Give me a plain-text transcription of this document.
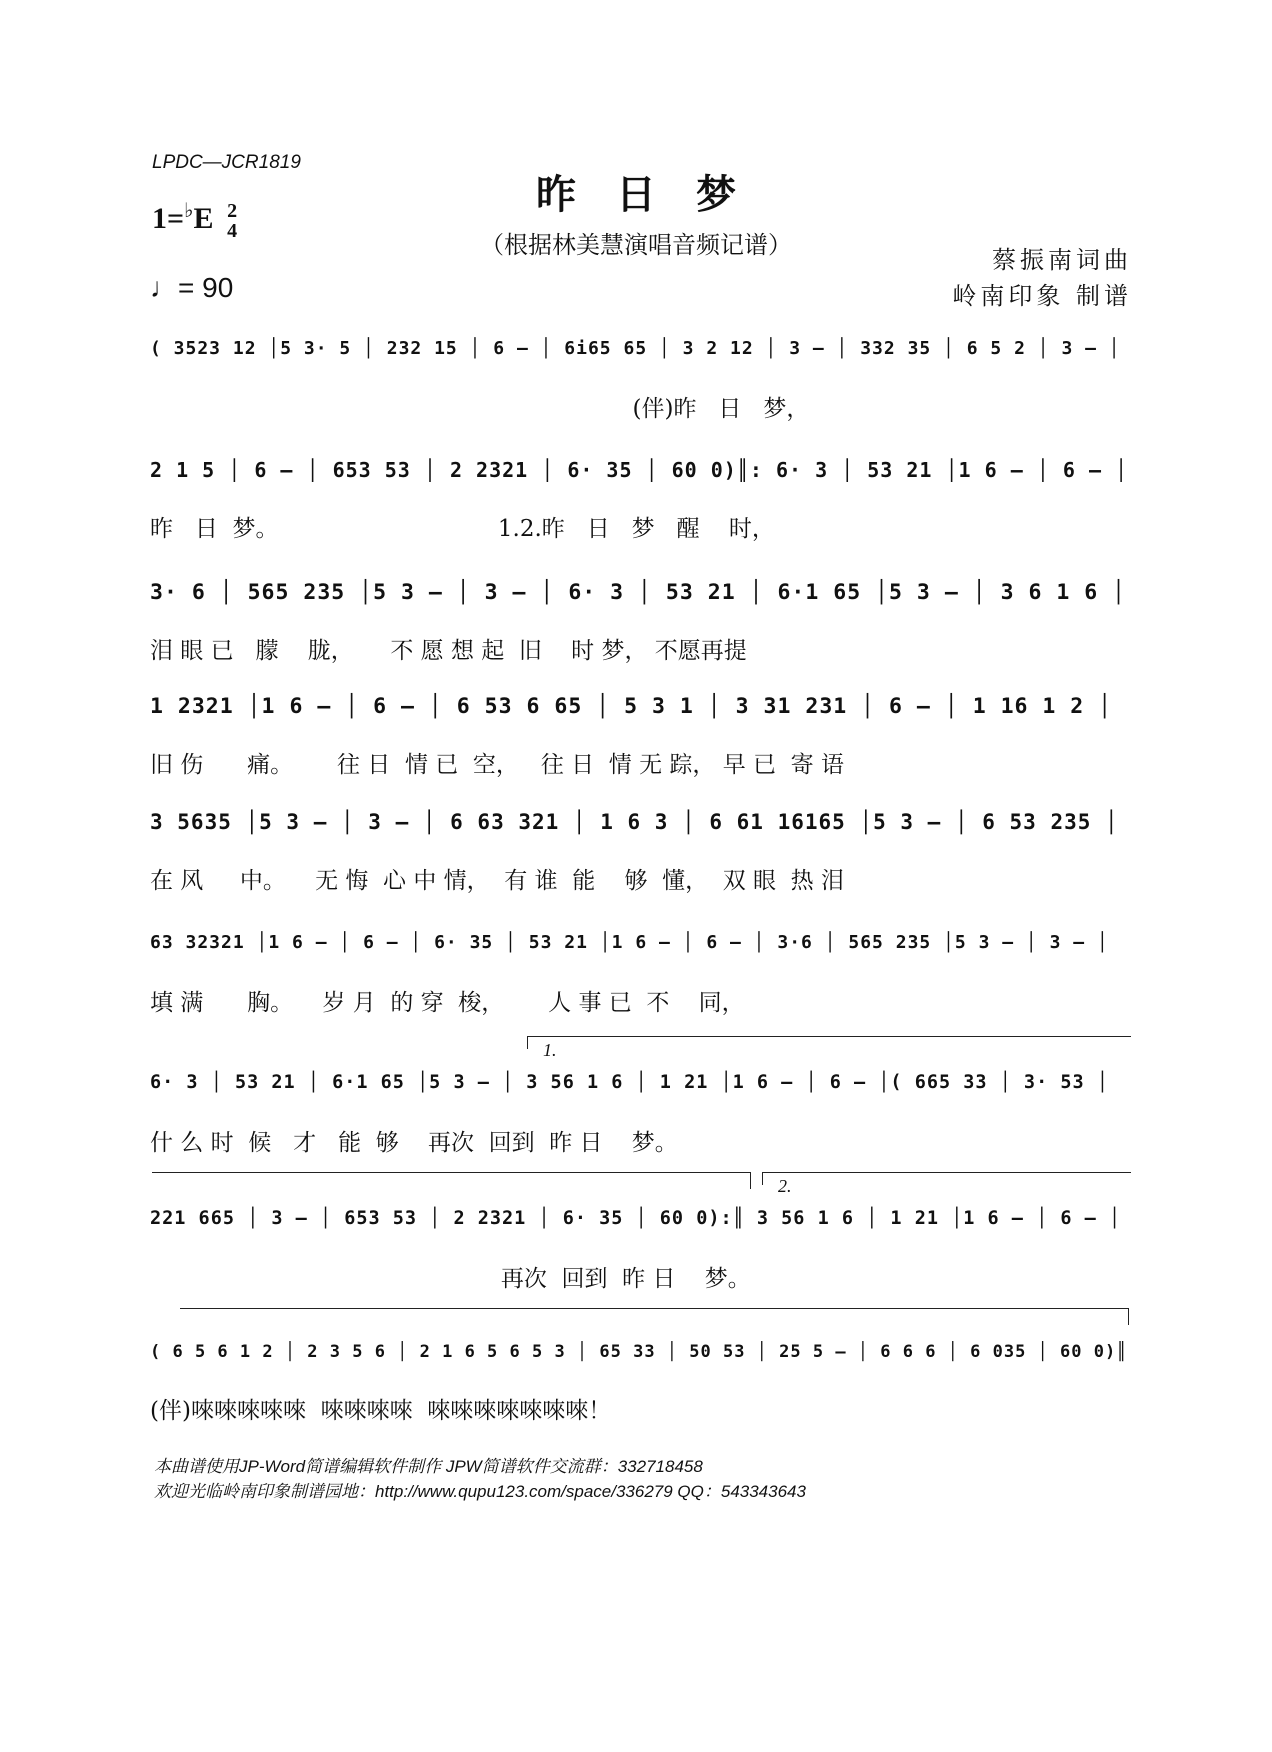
LPDC—JCR1819
昨日梦
（根据林美慧演唱音频记谱）
1=♭E 2
4
♩= 90
蔡振南词曲
岭南印象 制谱
( 3523 12 │5 3· 5 │ 232 15 │ 6 – │ 6i65 65 │ 3 2 12 │ 3 – │ 332 35 │ 6 5 2 │ 3 – │
(伴)昨   日   梦，
2 1 5 │ 6 – │ 653 53 │ 2 2321 │ 6· 35 │ 60 0)║: 6· 3 │ 53 21 │1 6 – │ 6 – │
昨   日  梦。                              1.2.昨   日   梦   醒    时，
3· 6 │ 565 235 │5 3 – │ 3 – │ 6· 3 │ 53 21 │ 6·1 65 │5 3 – │ 3 6 1 6 │
泪 眼 已   朦    胧，     不 愿 想 起  旧    时 梦， 不愿再提
1 2321 │1 6 – │ 6 – │ 6 53 6 65 │ 5 3 1 │ 3 31 231 │ 6 – │ 1 16 1 2 │
旧 伤      痛。      往 日  情 已  空，   往 日  情 无 踪， 早 已  寄 语
3 5635 │5 3 – │ 3 – │ 6 63 321 │ 1 6 3 │ 6 61 16165 │5 3 – │ 6 53 235 │
在 风     中。    无 悔  心 中 情，  有 谁  能    够  懂，  双 眼  热 泪
63 32321 │1 6 – │ 6 – │ 6· 35 │ 53 21 │1 6 – │ 6 – │ 3·6 │ 565 235 │5 3 – │ 3 – │
填 满      胸。    岁 月  的 穿  梭，      人 事 已  不    同，
1.
6· 3 │ 53 21 │ 6·1 65 │5 3 – │ 3 56 1 6 │ 1 21 │1 6 – │ 6 – │( 665 33 │ 3· 53 │
什 么 时  候   才   能  够    再次  回到  昨 日    梦。
2.
221 665 │ 3 – │ 653 53 │ 2 2321 │ 6· 35 │ 60 0):║ 3 56 1 6 │ 1 21 │1 6 – │ 6 – │
再次  回到  昨 日    梦。
( 6 5 6 1 2 │ 2 3 5 6 │ 2 1 6 5 6 5 3 │ 65 33 │ 50 53 │ 25 5 – │ 6 6 6 │ 6 035 │ 60 0)║
(伴)唻唻唻唻唻  唻唻唻唻  唻唻唻唻唻唻唻！
本曲谱使用JP-Word简谱编辑软件制作 JPW简谱软件交流群：332718458
欢迎光临岭南印象制谱园地：http://www.qupu123.com/space/336279 QQ：543343643
